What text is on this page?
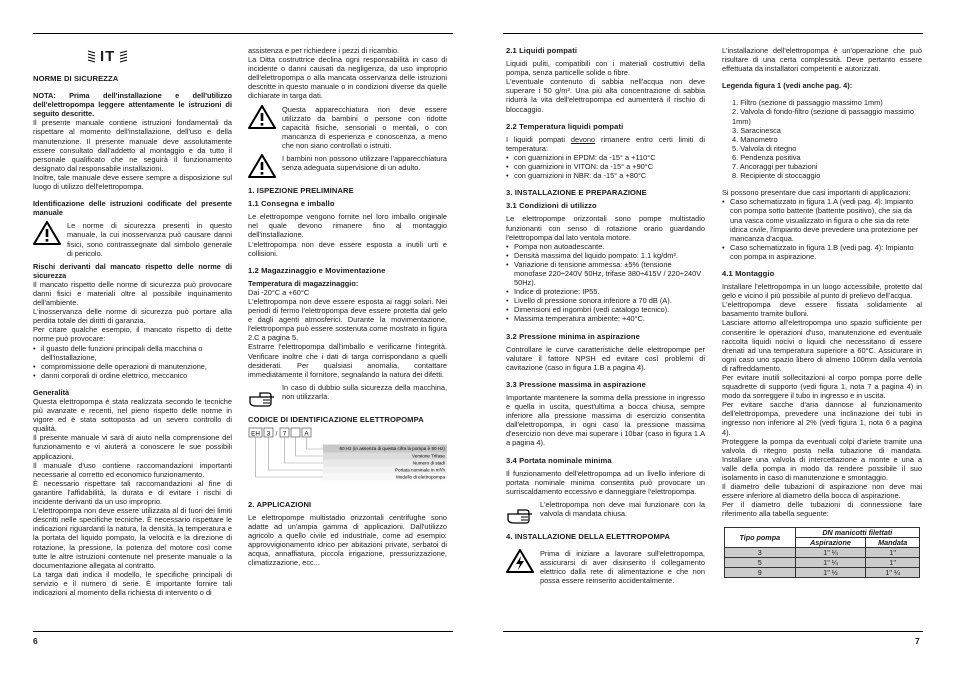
6	7
IT

NORME DI SICUREZZA

NOTA: Prima dell'installazione e dell'utilizzo dell'elettropompa leggere attentamente le istruzioni di seguito descritte.

Il presente manuale contiene istruzioni fondamentali da rispettare al momento dell'installazione, dell'uso e della manutenzione. Il presente manuale deve assolutamente essere consultato dall'addetto al montaggio e da tutto il personale qualificato che ne seguirà il funzionamento designato dal responsabile installazioni.

Inoltre, tale manuale deve essere sempre a disposizione sul luogo di utilizzo dell'elettropompa.

Identificazione delle istruzioni codificate del presente manuale

Le norme di sicurezza presenti in questo manuale, la cui inosservanza può causare danni fisici, sono contrassegnate dal simbolo generale di pericolo.

Rischi derivanti dal mancato rispetto delle norme di sicurezza

Il mancato rispetto delle norme di sicurezza può provocare danni fisici e materiali oltre al possibile inquinamento dell'ambiente.

L'inosservanza delle norme di sicurezza può portare alla perdita totale dei diritti di garanzia.

Per citare qualche esempio, il mancato rispetto di dette norme può provocare:

• il guasto delle funzioni principali della macchina o dell'installazione,
• compromissione delle operazioni di manutenzione,
• danni corporali di ordine elettrico, meccanico

Generalità

Questa elettropompa è stata realizzata secondo le tecniche più avanzate e recenti, nel pieno rispetto delle norme in vigore ed è stata sottoposta ad un severo controllo di qualità.

Il presente manuale vi sarà di aiuto nella comprensione del funzionamento e vi aiuterà a conoscere le sue possibili applicazioni.

Il manuale d'uso contiene raccomandazioni importanti necessarie al corretto ed economico funzionamento.

È necessario rispettare tali raccomandazioni al fine di garantire l'affidabilità, la durata e di evitare i rischi di incidente derivanti da un uso improprio.

L'elettropompa non deve essere utilizzata al di fuori dei limiti descritti nelle specifiche tecniche. È necessario rispettare le indicazioni riguardanti la natura, la densità, la temperatura e la portata del liquido pompato, la velocità e la direzione di rotazione, la pressione, la potenza del motore così come tutte le altre istruzioni contenute nel presente manuale o la documentazione allegata al contratto.

La targa dati indica il modello, le specifiche principali di servizio e il numero di serie. È importante fornire tali indicazioni al momento della richiesta di intervento o di

assistenza e per richiedere i pezzi di ricambio.

La Ditta costruttrice declina ogni responsabilità in caso di incidente o danni causati da negligenza, da uso improprio dell'elettropompa o alla mancata osservanza delle istruzioni descritte in questo manuale o in condizioni diverse da quelle dichiarate in targa dati.

Questa apparecchiatura non deve essere utilizzato da bambini o persone con ridotte capacità fisiche, sensoriali o mentali, o con mancanza di esperienza e conoscenza, a meno che non siano controllati o istruiti.

I bambini non possono utilizzare l'apparecchiatura senza adeguata supervisione di un adulto.

1. ISPEZIONE PRELIMINARE

1.1 Consegna e imballo

Le elettropompe vengono fornite nel loro imballo originale nel quale devono rimanere fino al montaggio dell'installazione.

L'elettropompa non deve essere esposta a inutili urti e collisioni.

1.2 Magazzinaggio e Movimentazione

Temperatura di magazzinaggio:

Dai -20°C a +60°C

L'elettropompa non deve essere esposta ai raggi solari. Nei periodi di fermo l'elettropompa deve essere protetta dal gelo e dagli agenti atmosferici. Durante la movimentazione, l'elettropompa può essere sostenuta come mostrato in figura 2.C a pagina 5.

Estrarre l'elettropompa dall'imballo e verificarne l'integrità. Verificare inoltre che i dati di targa corrispondano a quelli desiderati. Per qualsiasi anomalia, contattare immediatamente il fornitore, segnalando la natura dei difetti.

In caso di dubbio sulla sicurezza della macchina, non utilizzarla.

CODICE DI IDENTIFICAZIONE ELETTROPOMPA

EH 3 / 7	A
60 Hz (in assenza di questa cifra la pompa è 50 Hz)
Versione Trifase
Numero di stadi
Portata nominale in m³/h
Modello di elettropompa

2. APPLICAZIONI

Le elettropompe multistadio orizzontali centrifughe sono adatte ad un'ampia gamma di applicazioni. Dall'utilizzo agricolo a quello civile ed industriale, come ad esempio: approvvigionamento idrico per abitazioni private, serbatoi di acqua, annaffiatura, piccola irrigazione, pressurizzazione, climatizzazione, ecc...

2.1 Liquidi pompati

Liquidi puliti, compatibili con i materiali costruttivi della pompa, senza particelle solide o fibre.

L'eventuale contenuto di sabbia nell'acqua non deve superare i 50 g/m³. Una più alta concentrazione di sabbia ridurrà la vita dell'elettropompa ed aumenterà il rischio di bloccaggio.

2.2 Temperatura liquidi pompati

I liquidi pompati devono rimanere entro certi limiti di temperatura:

• con guarnizioni in EPDM: da -15° a +110°C
• con guarnizioni in VITON: da -15° a +90°C
• con guarnizioni in NBR: da -15° a +80°C

3. INSTALLAZIONE E PREPARAZIONE

3.1 Condizioni di utilizzo

Le elettropompe orizzontali sono pompe multistadio funzionanti con senso di rotazione orario guardando l'elettropompa dal lato ventola motore.

• Pompa non autoadescante.
• Densità massima del liquido pompato: 1.1 kg/dm³.
• Variazione di tensione ammessa: ±5% (tensione monofase 220÷240V 50Hz, trifase 380÷415V / 220÷240V 50Hz).
• Indice di protezione: IP55.
• Livello di pressione sonora inferiore a 70 dB (A).
• Dimensioni ed ingombri (vedi catalogo tecnico).
• Massima temperatura ambiente: +40°C.

3.2 Pressione minima in aspirazione

Controllare le curve caratteristiche delle elettropompe per valutare il fattore NPSH ed evitare così problemi di cavitazione (caso in figura 1.B a pagina 4).

3.3 Pressione massima in aspirazione

Importante mantenere la somma della pressione in ingresso e quella in uscita, quest'ultima a bocca chiusa, sempre inferiore alla pressione massima di esercizio consentita dall'elettropompa, in ogni caso la pressione massima d'esercizio non deve mai superare i 10bar (caso in figura 1.A a pagina 4).

3.4 Portata nominale minima

Il funzionamento dell'elettropompa ad un livello inferiore di portata nominale minima consentita può provocare un surriscaldamento eccessivo e danneggiare l'elettropompa.

L'elettropompa non deve mai funzionare con la valvola di mandata chiusa.

4. INSTALLAZIONE DELLA ELETTROPOMPA

Prima di iniziare a lavorare sull'elettropompa, assicurarsi di aver disinserito il collegamento elettrico dalla rete di alimentazione e che non possa essere reinserito accidentalmente.

L'installazione dell'elettropompa è un'operazione che può risultare di una certa complessità. Deve pertanto essere effettuata da installatori competenti e autorizzati.

Legenda figura 1 (vedi anche pag. 4):

1. Filtro (sezione di passaggio massimo 1mm)
2. Valvola di fondo-filtro (sezione di passaggio massimo 1mm)
3. Saracinesca
4. Manometro
5. Valvola di ritegno
6. Pendenza positiva
7. Ancoraggi per tubazioni
8. Recipiente di stoccaggio

Si possono presentare due casi importanti di applicazioni:

• Caso schematizzato in figura 1.A (vedi pag. 4): Impianto con pompa sotto battente (battente positivo), che sia da una vasca come visualizzato in figura o che sia da rete idrica civile, l'impianto deve prevedere una protezione per mancanza d'acqua.
• Caso schematizzato in figura 1.B (vedi pag. 4): Impianto con pompa in aspirazione.

4.1 Montaggio

Installare l'elettropompa in un luogo accessibile, protetto dal gelo e vicino il più possibile al punto di prelievo dell'acqua.

L'elettropompa deve essere fissata solidamente al basamento tramite bulloni.

Lasciare attorno all'elettropompa uno spazio sufficiente per consentire le operazioni d'uso, manutenzione ed eventuale raccolta liquidi nocivi o liquidi che necessitano di essere drenati ad una temperatura superiore a 60°C. Assicurare in ogni caso uno spazio libero di almeno 100mm dalla ventola di raffreddamento.

Per evitare inutili sollecitazioni al corpo pompa porre delle squadrette di supporto (vedi figura 1, nota 7 a pagina 4) in modo da sorreggere il tubo in ingresso e in uscita.

Per evitare sacche d'aria dannose al funzionamento dell'elettropompa, prevedere una inclinazione dei tubi in ingresso non inferiore al 2% (vedi figura 1, nota 6 a pagina 4).

Proteggere la pompa da eventuali colpi d'ariete tramite una valvola di ritegno posta nella tubazione di mandata. Installare una valvola di intercettazione a monte e una a valle della pompa in modo da rendere possibile il suo isolamento in caso di manutenzione e smontaggio.

Il diametro delle tubazioni di aspirazione non deve mai essere inferiore al diametro della bocca di aspirazione.

Per il diametro delle tubazioni di connessione fare riferimento alla tabella seguente:

Tipo pompa	DN manicotti filettati	
	Aspirazione	Mandata
3	1" ¼	1"
5	1" ¼	1"
9	1" ½	1" ¼
